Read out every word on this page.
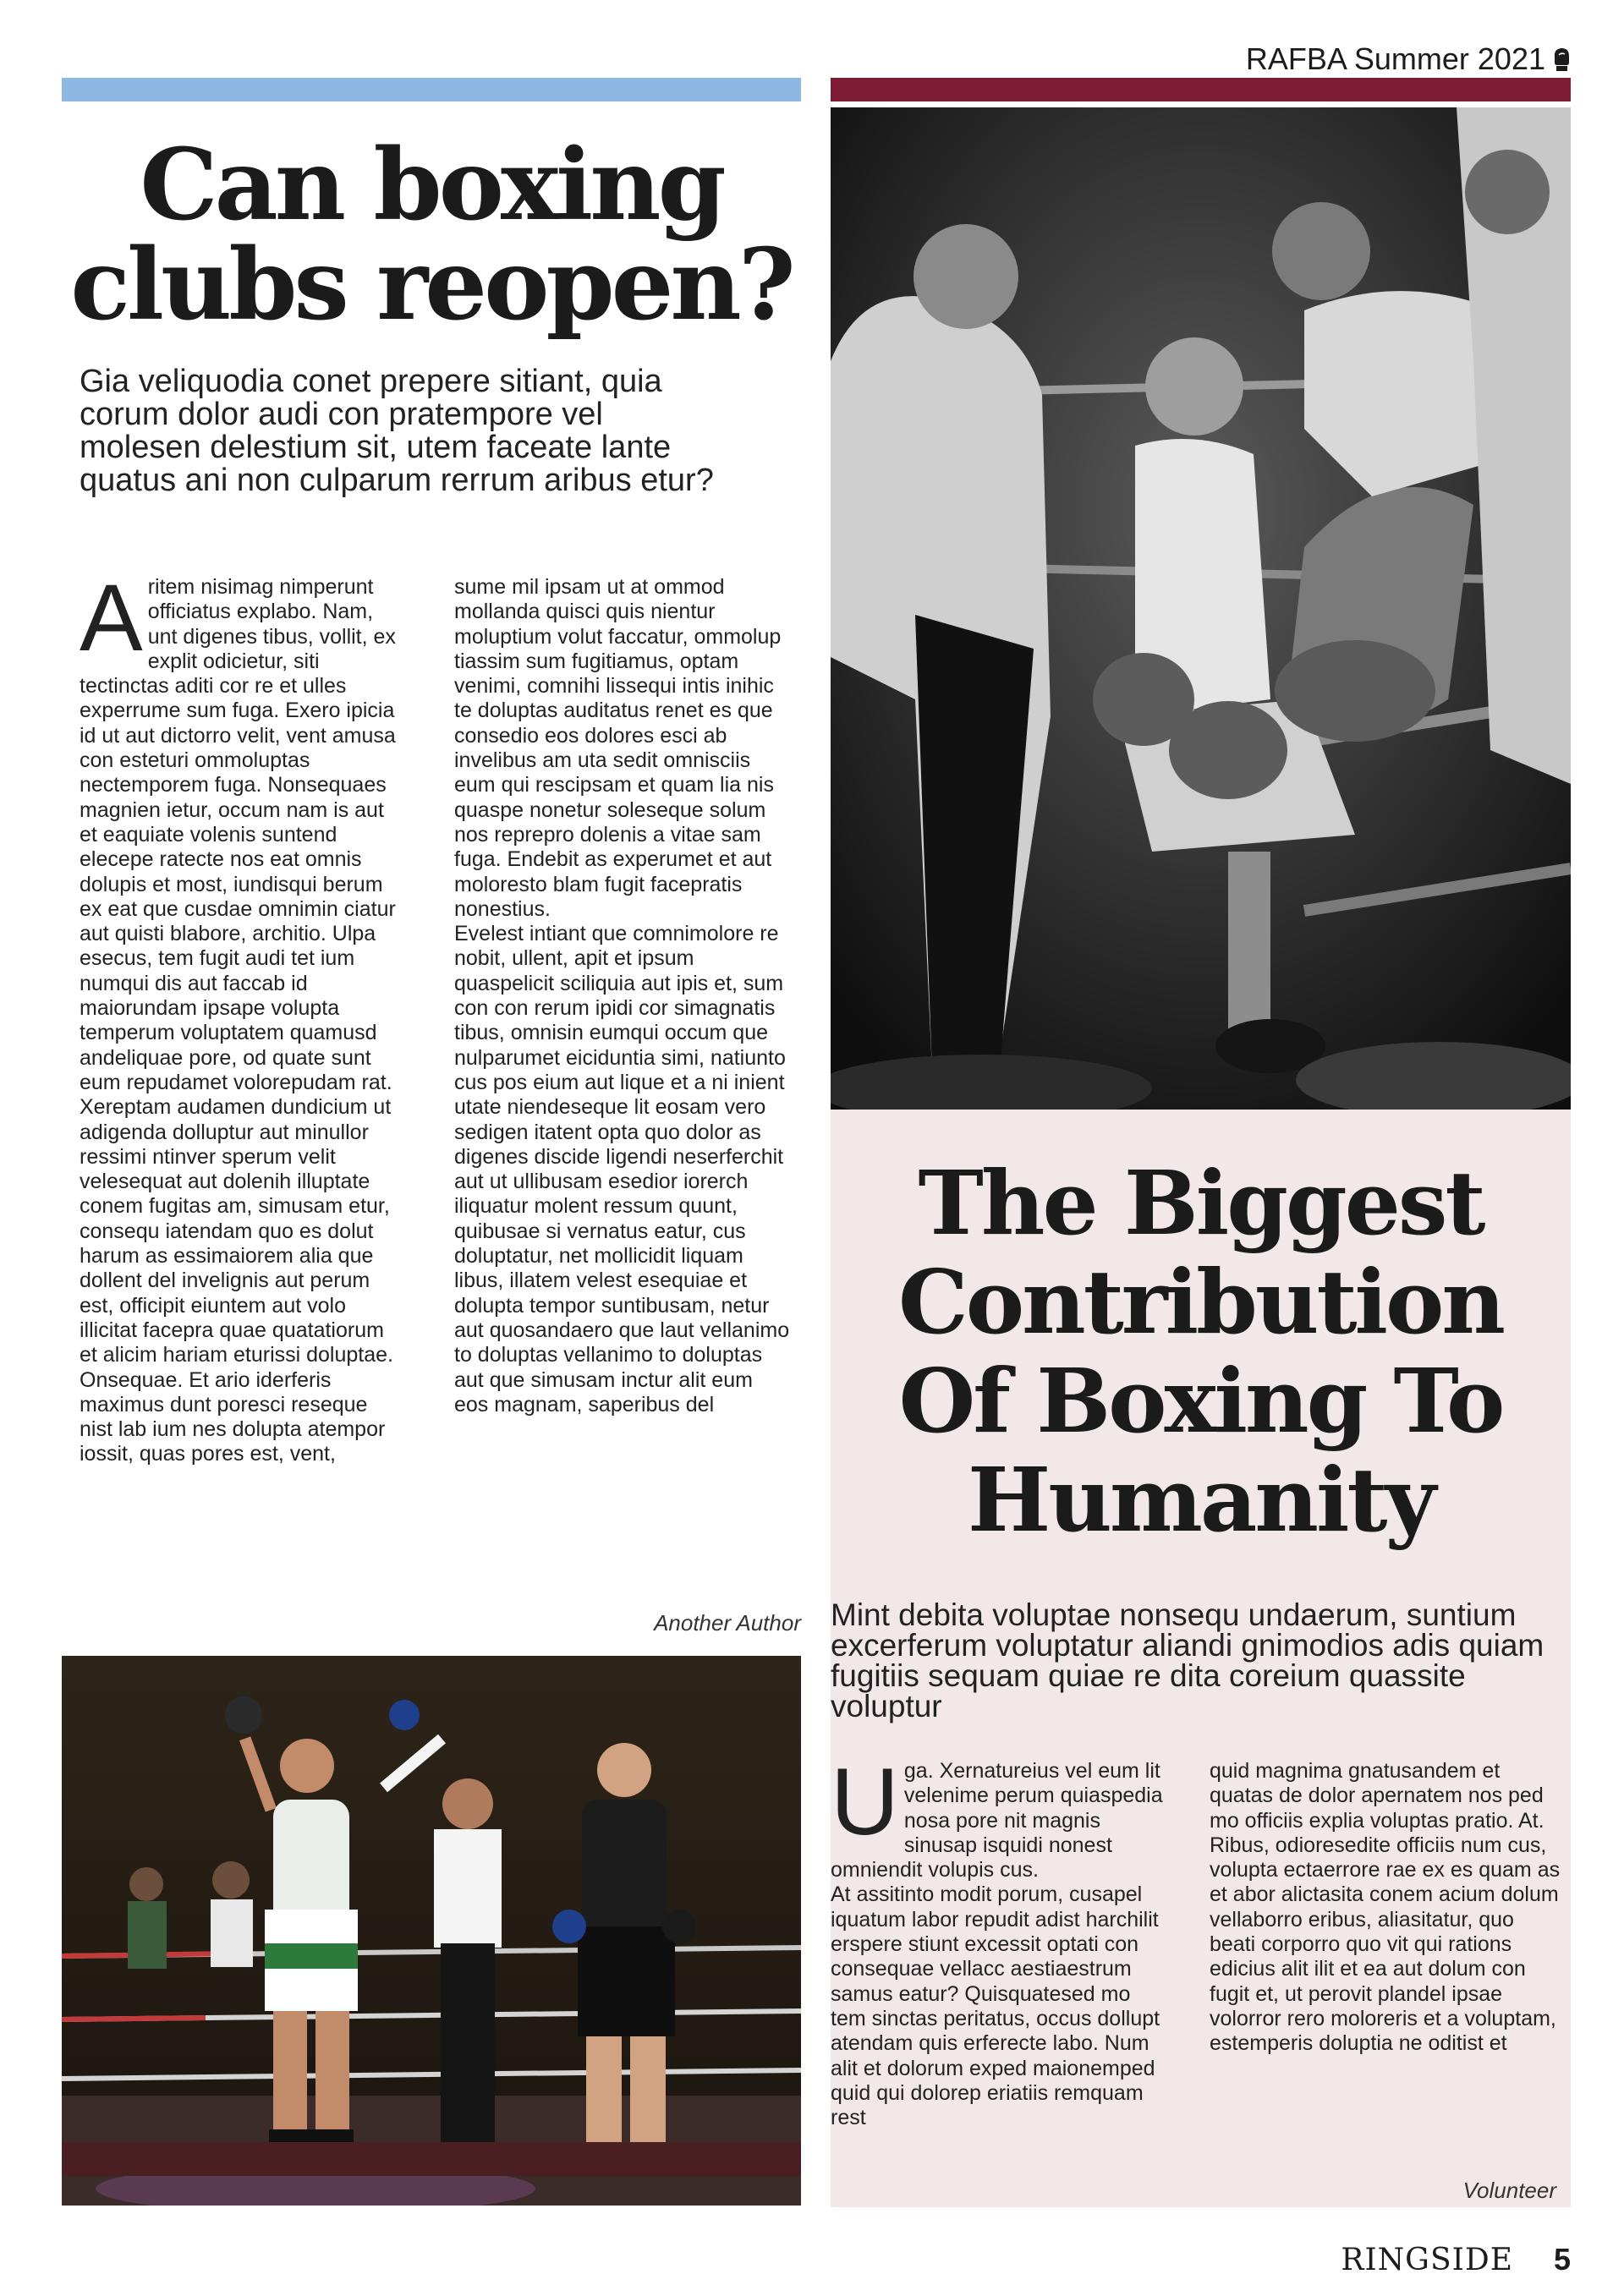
RAFBA Summer 2021
Can boxing clubs reopen?
Gia veliquodia conet prepere sitiant, quia corum dolor audi con pratempore vel molesen delestium sit, utem faceate lante quatus ani non culparum rerrum aribus etur?
A ritem nisimag nimperunt officiatus explabo. Nam, unt digenes tibus, vollit, ex explit odicietur, siti tectinctas aditi cor re et ulles experrume sum fuga. Exero ipicia id ut aut dictorro velit, vent amusa con esteturi ommoluptas nectemporem fuga. Nonsequaes magnien ietur, occum nam is aut et eaquiate volenis suntend elecepe ratecte nos eat omnis dolupis et most, iundisqui berum ex eat que cusdae omnimin ciatur aut quisti blabore, architio. Ulpa esecus, tem fugit audi tet ium numqui dis aut faccab id maiorundam ipsape volupta temperum voluptatem quamusd andeliquae pore, od quate sunt eum repudamet volorepudam rat. Xereptam audamen dundicium ut adigenda dolluptur aut minullor ressimi ntinver sperum velit velesequat aut dolenih illuptate conem fugitas am, simusam etur, consequ iatendam quo es dolut harum as essimaiorem alia que dollent del invelignis aut perum est, officipit eiuntem aut volo illicitat facepra quae quatatiorum et alicim hariam eturissi doluptae. Onsequae. Et ario iderferis maximus dunt poresci reseque nist lab ium nes dolupta atempor iossit, quas pores est, vent,

sume mil ipsam ut at ommod mollanda quisci quis nientur moluptium volut faccatur, ommolup tiassim sum fugitiamus, optam venimi, comnihi lissequi intis inihic te doluptas auditatus renet es que consedio eos dolores esci ab invelibus am uta sedit omnisciis eum qui rescipsam et quam lia nis quaspe nonetur soleseque solum nos reprepro dolenis a vitae sam fuga. Endebit as experumet et aut moloresto blam fugit facepratis nonestius.

Evelest intiant que comnimolore re nobit, ullent, apit et ipsum quaspelicit sciliquia aut ipis et, sum con con rerum ipidi cor simagnatis tibus, omnisin eumqui occum que nulparumet eiciduntia simi, natiunto cus pos eium aut lique et a ni inient utate niendeseque lit eosam vero sedigen itatent opta quo dolor as digenes discide ligendi neserferchit aut ut ullibusam esedior iorerch iliquatur molent ressum quunt, quibusae si vernatus eatur, cus doluptatur, net mollicidit liquam libus, illatem velest esequiae et dolupta tempor suntibusam, netur aut quosandaero que laut vellanimo to doluptas vellanimo to doluptas aut que simusam inctur alit eum eos magnam, saperibus del

Another Author
The Biggest Contribution Of Boxing To Humanity
Mint debita voluptae nonsequ undaerum, suntium excerferum voluptatur aliandi gnimodios adis quiam fugitiis sequam quiae re dita coreium quassite voluptur
U ga. Xernatureius vel eum lit velenime perum quiaspedia nosa pore nit magnis sinusap isquidi nonest omniendit volupis cus.

At assitinto modit porum, cusapel iquatum labor repudit adist harchilit erspere stiunt excessit optati con consequae vellacc aestiaestrum samus eatur? Quisquatesed mo tem sinctas peritatus, occus dollupt atendam quis erferecte labo. Num alit et dolorum exped maionemped quid qui dolorep eriatiis remquam rest

quid magnima gnatusandem et quatas de dolor apernatem nos ped mo officiis explia voluptas pratio. At.

Ribus, odioresedite officiis num cus, volupta ectaerrore rae ex es quam as et abor alictasita conem acium dolum vellaborro eribus, aliasitatur, quo beati corporro quo vit qui rations edicius alit ilit et ea aut dolum con fugit et, ut perovit plandel ipsae volorror rero moloreris et a voluptam, estemperis doluptia ne oditist et

Volunteer
RINGSIDE 5
